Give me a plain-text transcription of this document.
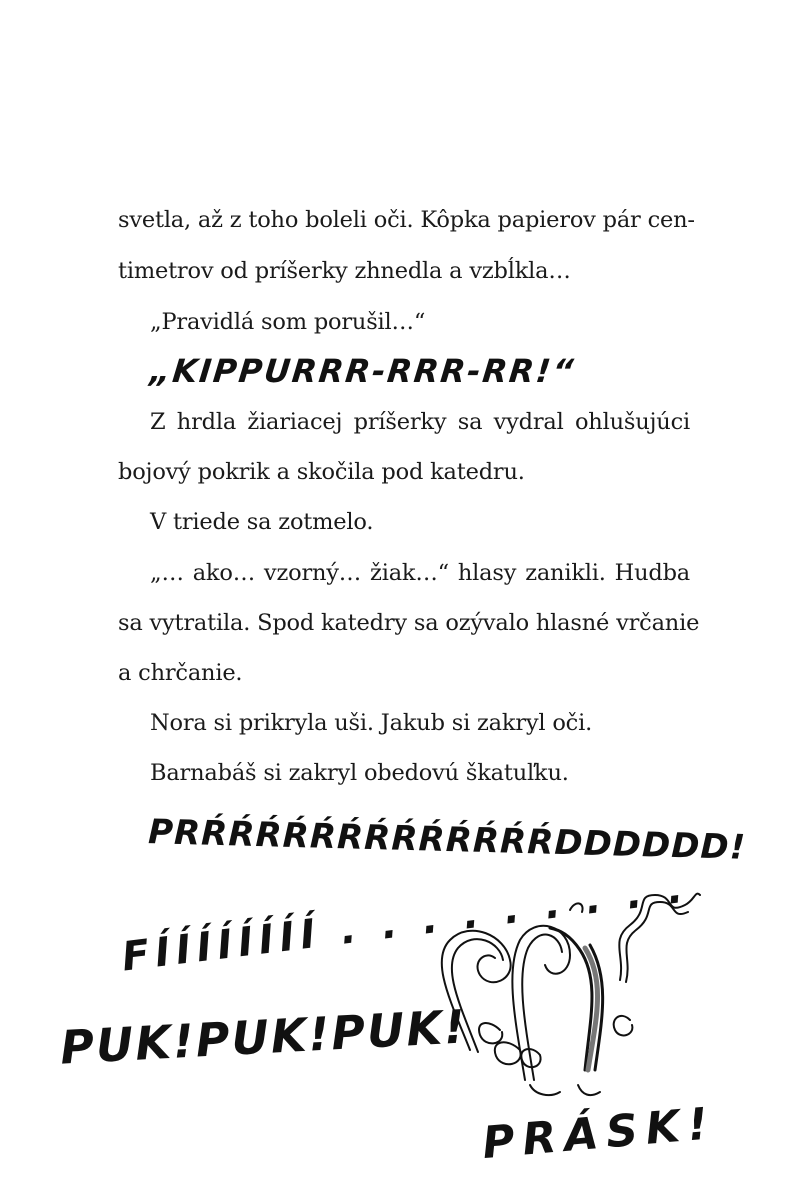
svetla, až z toho boleli oči. Kôpka papierov pár cen-
timetrov od príšerky zhnedla a vzbĺkla…
„Pravidlá som porušil…“
„KIPPURRR-RRR-RR!“
Z hrdla žiariacej príšerky sa vydral ohlušujúci
bojový pokrik a skočila pod katedru.
V triede sa zotmelo.
„… ako… vzorný… žiak…“ hlasy zanikli. Hudba
sa vytratila. Spod katedry sa ozývalo hlasné vrčanie
a chrčanie.
Nora si prikryla uši. Jakub si zakryl oči.
Barnabáš si zakryl obedovú škatuľku.
PRŔŔŔŔŔŔŔŔŔŔŔŔŔDDDDDD!
FÍÍÍÍÍÍÍÍ . . . . . . . . .
PUK!PUK!PUK!
PRÁSK!
